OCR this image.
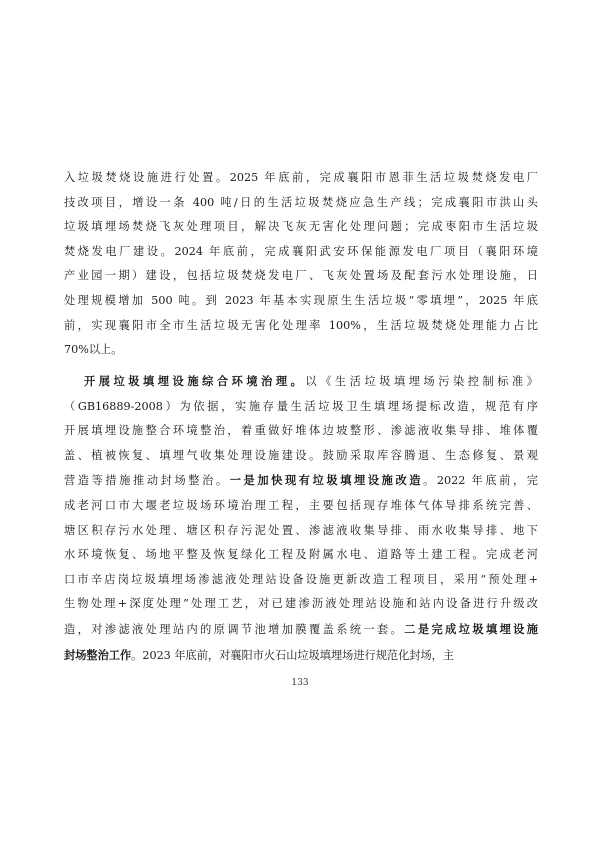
入垃圾焚烧设施进行处置。2025 年底前，完成襄阳市恩菲生活垃圾焚烧发电厂
技改项目，增设一条 400 吨/日的生活垃圾焚烧应急生产线；完成襄阳市洪山头
垃圾填埋场焚烧飞灰处理项目，解决飞灰无害化处理问题；完成枣阳市生活垃圾
焚烧发电厂建设。2024 年底前，完成襄阳武安环保能源发电厂项目（襄阳环境
产业园一期）建设，包括垃圾焚烧发电厂、飞灰处置场及配套污水处理设施，日
处理规模增加 500 吨。到 2023 年基本实现原生生活垃圾“零填埋”，2025 年底
前，实现襄阳市全市生活垃圾无害化处理率 100%，生活垃圾焚烧处理能力占比
70%以上。
开展垃圾填埋设施综合环境治理。以《生活垃圾填埋场污染控制标准》
（GB16889-2008）为依据，实施存量生活垃圾卫生填埋场提标改造，规范有序
开展填埋设施整合环境整治，着重做好堆体边坡整形、渗滤液收集导排、堆体覆
盖、植被恢复、填埋气收集处理设施建设。鼓励采取库容腾退、生态修复、景观
营造等措施推动封场整治。一是加快现有垃圾填埋设施改造。2022 年底前，完
成老河口市大堰老垃圾场环境治理工程，主要包括现存堆体气体导排系统完善、
塘区积存污水处理、塘区积存污泥处置、渗滤液收集导排、雨水收集导排、地下
水环境恢复、场地平整及恢复绿化工程及附属水电、道路等土建工程。完成老河
口市辛店岗垃圾填埋场渗滤液处理站设备设施更新改造工程项目，采用“预处理+
生物处理+深度处理”处理工艺，对已建渗沥液处理站设施和站内设备进行升级改
造，对渗滤液处理站内的原调节池增加膜覆盖系统一套。二是完成垃圾填埋设施
封场整治工作。2023 年底前，对襄阳市火石山垃圾填埋场进行规范化封场，主
133
